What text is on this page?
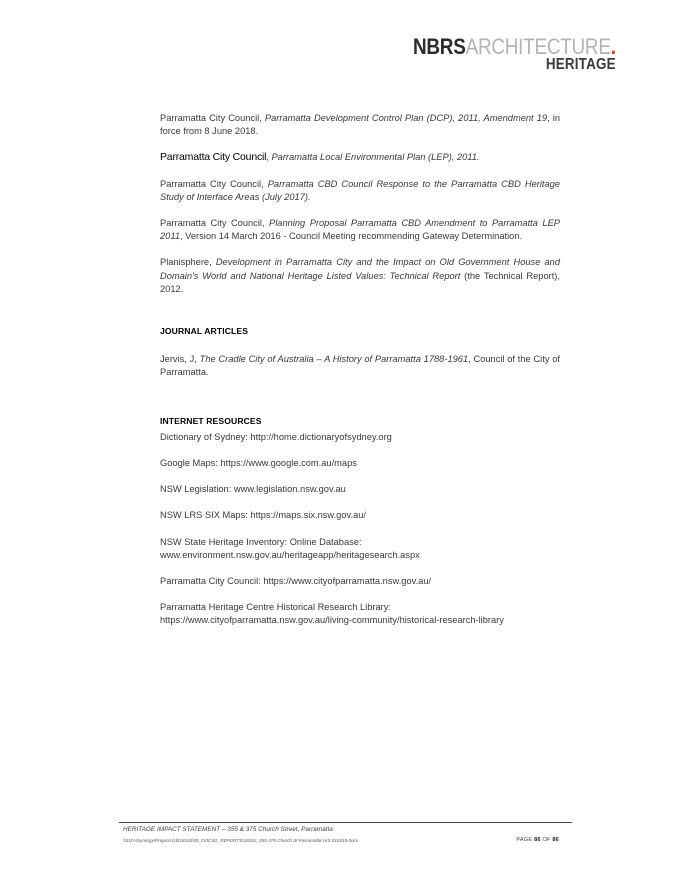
NBRSARCHITECTURE.
HERITAGE

Parramatta City Council, Parramatta Development Control Plan (DCP), 2011, Amendment 19, in force from 8 June 2018.

Parramatta City Council, Parramatta Local Environmental Plan (LEP), 2011.

Parramatta City Council, Parramatta CBD Council Response to the Parramatta CBD Heritage Study of Interface Areas (July 2017).

Parramatta City Council, Planning Proposal Parramatta CBD Amendment to Parramatta LEP 2011, Version 14 March 2016 - Council Meeting recommending Gateway Determination.

Planisphere, Development in Parramatta City and the Impact on Old Government House and Domain's World and National Heritage Listed Values: Technical Report (the Technical Report), 2012.

JOURNAL ARTICLES

Jervis, J, The Cradle City of Australia – A History of Parramatta 1788-1961, Council of the City of Parramatta.

INTERNET RESOURCES
Dictionary of Sydney: http://home.dictionaryofsydney.org
Google Maps: https://www.google.com.au/maps
NSW Legislation: www.legislation.nsw.gov.au
NSW LRS SIX Maps: https://maps.six.nsw.gov.au/
NSW State Heritage Inventory: Online Database:
www.environment.nsw.gov.au/heritageapp/heritagesearch.aspx
Parramatta City Council: https://www.cityofparramatta.nsw.gov.au/
Parramatta Heritage Centre Historical Research Library:
https://www.cityofparramatta.nsw.gov.au/living-community/historical-research-library
HERITAGE IMPACT STATEMENT – 355 & 375 Church Street, Parramatta
\\SIZA\Synergy\Projects\18\18163\05_DOC\02_REPORTS\18163_355-375 Church St Parramatta HIS 010419.docx	PAGE 86 OF 86
